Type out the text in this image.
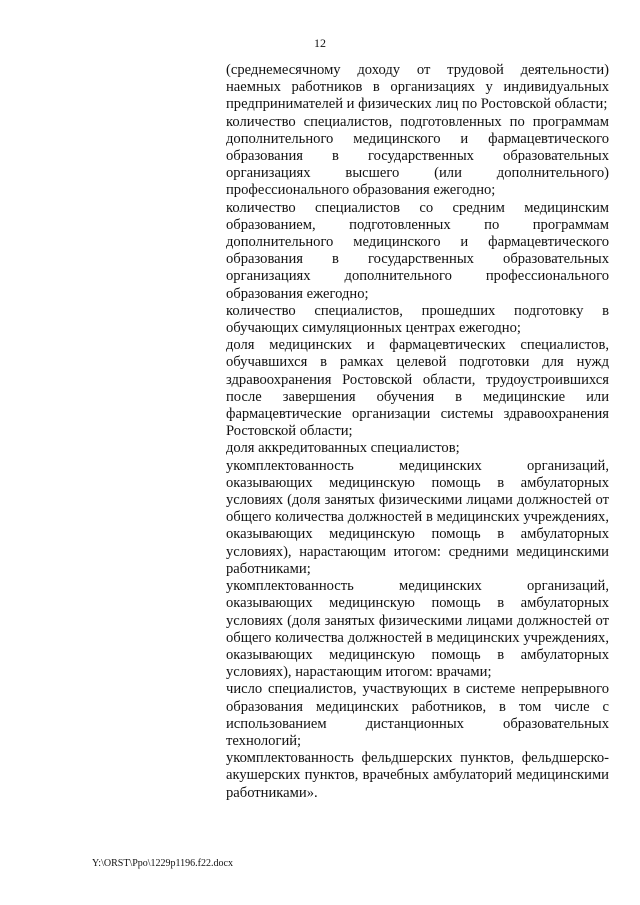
12

(среднемесячному доходу от трудовой деятельности) наемных работников в организациях у индивидуальных предпринимателей и физических лиц по Ростовской области;

количество специалистов, подготовленных по программам дополнительного медицинского и фармацевтического образования в государственных образовательных организациях высшего (или дополнительного) профессионального образования ежегодно;

количество специалистов со средним медицинским образованием, подготовленных по программам дополнительного медицинского и фармацевтического образования в государственных образовательных организациях дополнительного профессионального образования ежегодно;

количество специалистов, прошедших подготовку в обучающих симуляционных центрах ежегодно;

доля медицинских и фармацевтических специалистов, обучавшихся в рамках целевой подготовки для нужд здравоохранения Ростовской области, трудоустроившихся после завершения обучения в медицинские или фармацевтические организации системы здравоохранения Ростовской области;

доля аккредитованных специалистов;

укомплектованность медицинских организаций, оказывающих медицинскую помощь в амбулаторных условиях (доля занятых физическими лицами должностей от общего количества должностей в медицинских учреждениях, оказывающих медицинскую помощь в амбулаторных условиях), нарастающим итогом: средними медицинскими работниками;

укомплектованность медицинских организаций, оказывающих медицинскую помощь в амбулаторных условиях (доля занятых физическими лицами должностей от общего количества должностей в медицинских учреждениях, оказывающих медицинскую помощь в амбулаторных условиях), нарастающим итогом: врачами;

число специалистов, участвующих в системе непрерывного образования медицинских работников, в том числе с использованием дистанционных образовательных технологий;

укомплектованность фельдшерских пунктов, фельдшерско-акушерских пунктов, врачебных амбулаторий медицинскими работниками».

Y:\ORST\Ppo\1229p1196.f22.docx
